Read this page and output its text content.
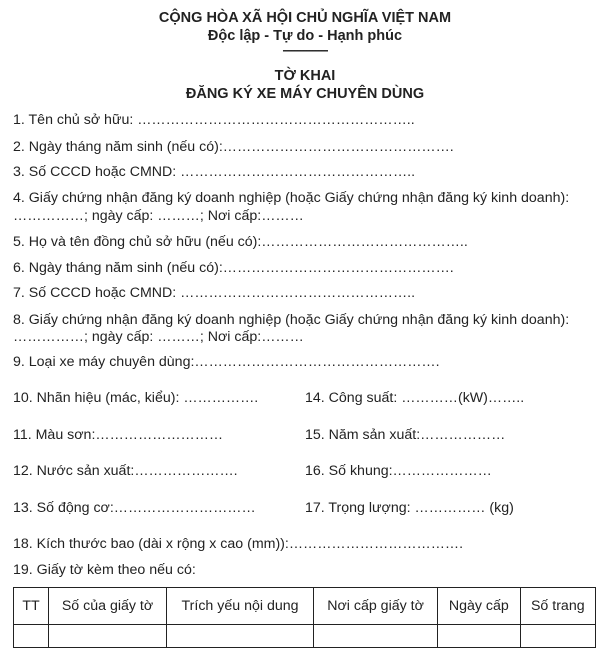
CỘNG HÒA XÃ HỘI CHỦ NGHĨA VIỆT NAM
Độc lập - Tự do - Hạnh phúc
---------------
TỜ KHAI
ĐĂNG KÝ XE MÁY CHUYÊN DÙNG
1. Tên chủ sở hữu: …………………………………………………..
2. Ngày tháng năm sinh (nếu có):………………………………………….
3. Số CCCD hoặc CMND: …………………………………………..
4. Giấy chứng nhận đăng ký doanh nghiệp (hoặc Giấy chứng nhận đăng ký kinh doanh):
……………; ngày cấp: ………; Nơi cấp:………
5. Họ và tên đồng chủ sở hữu (nếu có):……………………………………..
6. Ngày tháng năm sinh (nếu có):………………………………………….
7. Số CCCD hoặc CMND: …………………………………………..
8. Giấy chứng nhận đăng ký doanh nghiệp (hoặc Giấy chứng nhận đăng ký kinh doanh):
……………; ngày cấp: ………; Nơi cấp:………
9. Loại xe máy chuyên dùng:…………………………………………….
10. Nhãn hiệu (mác, kiểu): …………….	14. Công suất: …………(kW)……..
11. Màu sơn:………………………	15. Năm sản xuất:………………
12. Nước sản xuất:………………….	16. Số khung:…………………
13. Số động cơ:…………………………	17. Trọng lượng: …………… (kg)
18. Kích thước bao (dài x rộng x cao (mm)):……………………………….
19. Giấy tờ kèm theo nếu có:
TT	Số của giấy tờ	Trích yếu nội dung	Nơi cấp giấy tờ	Ngày cấp	Số trang
